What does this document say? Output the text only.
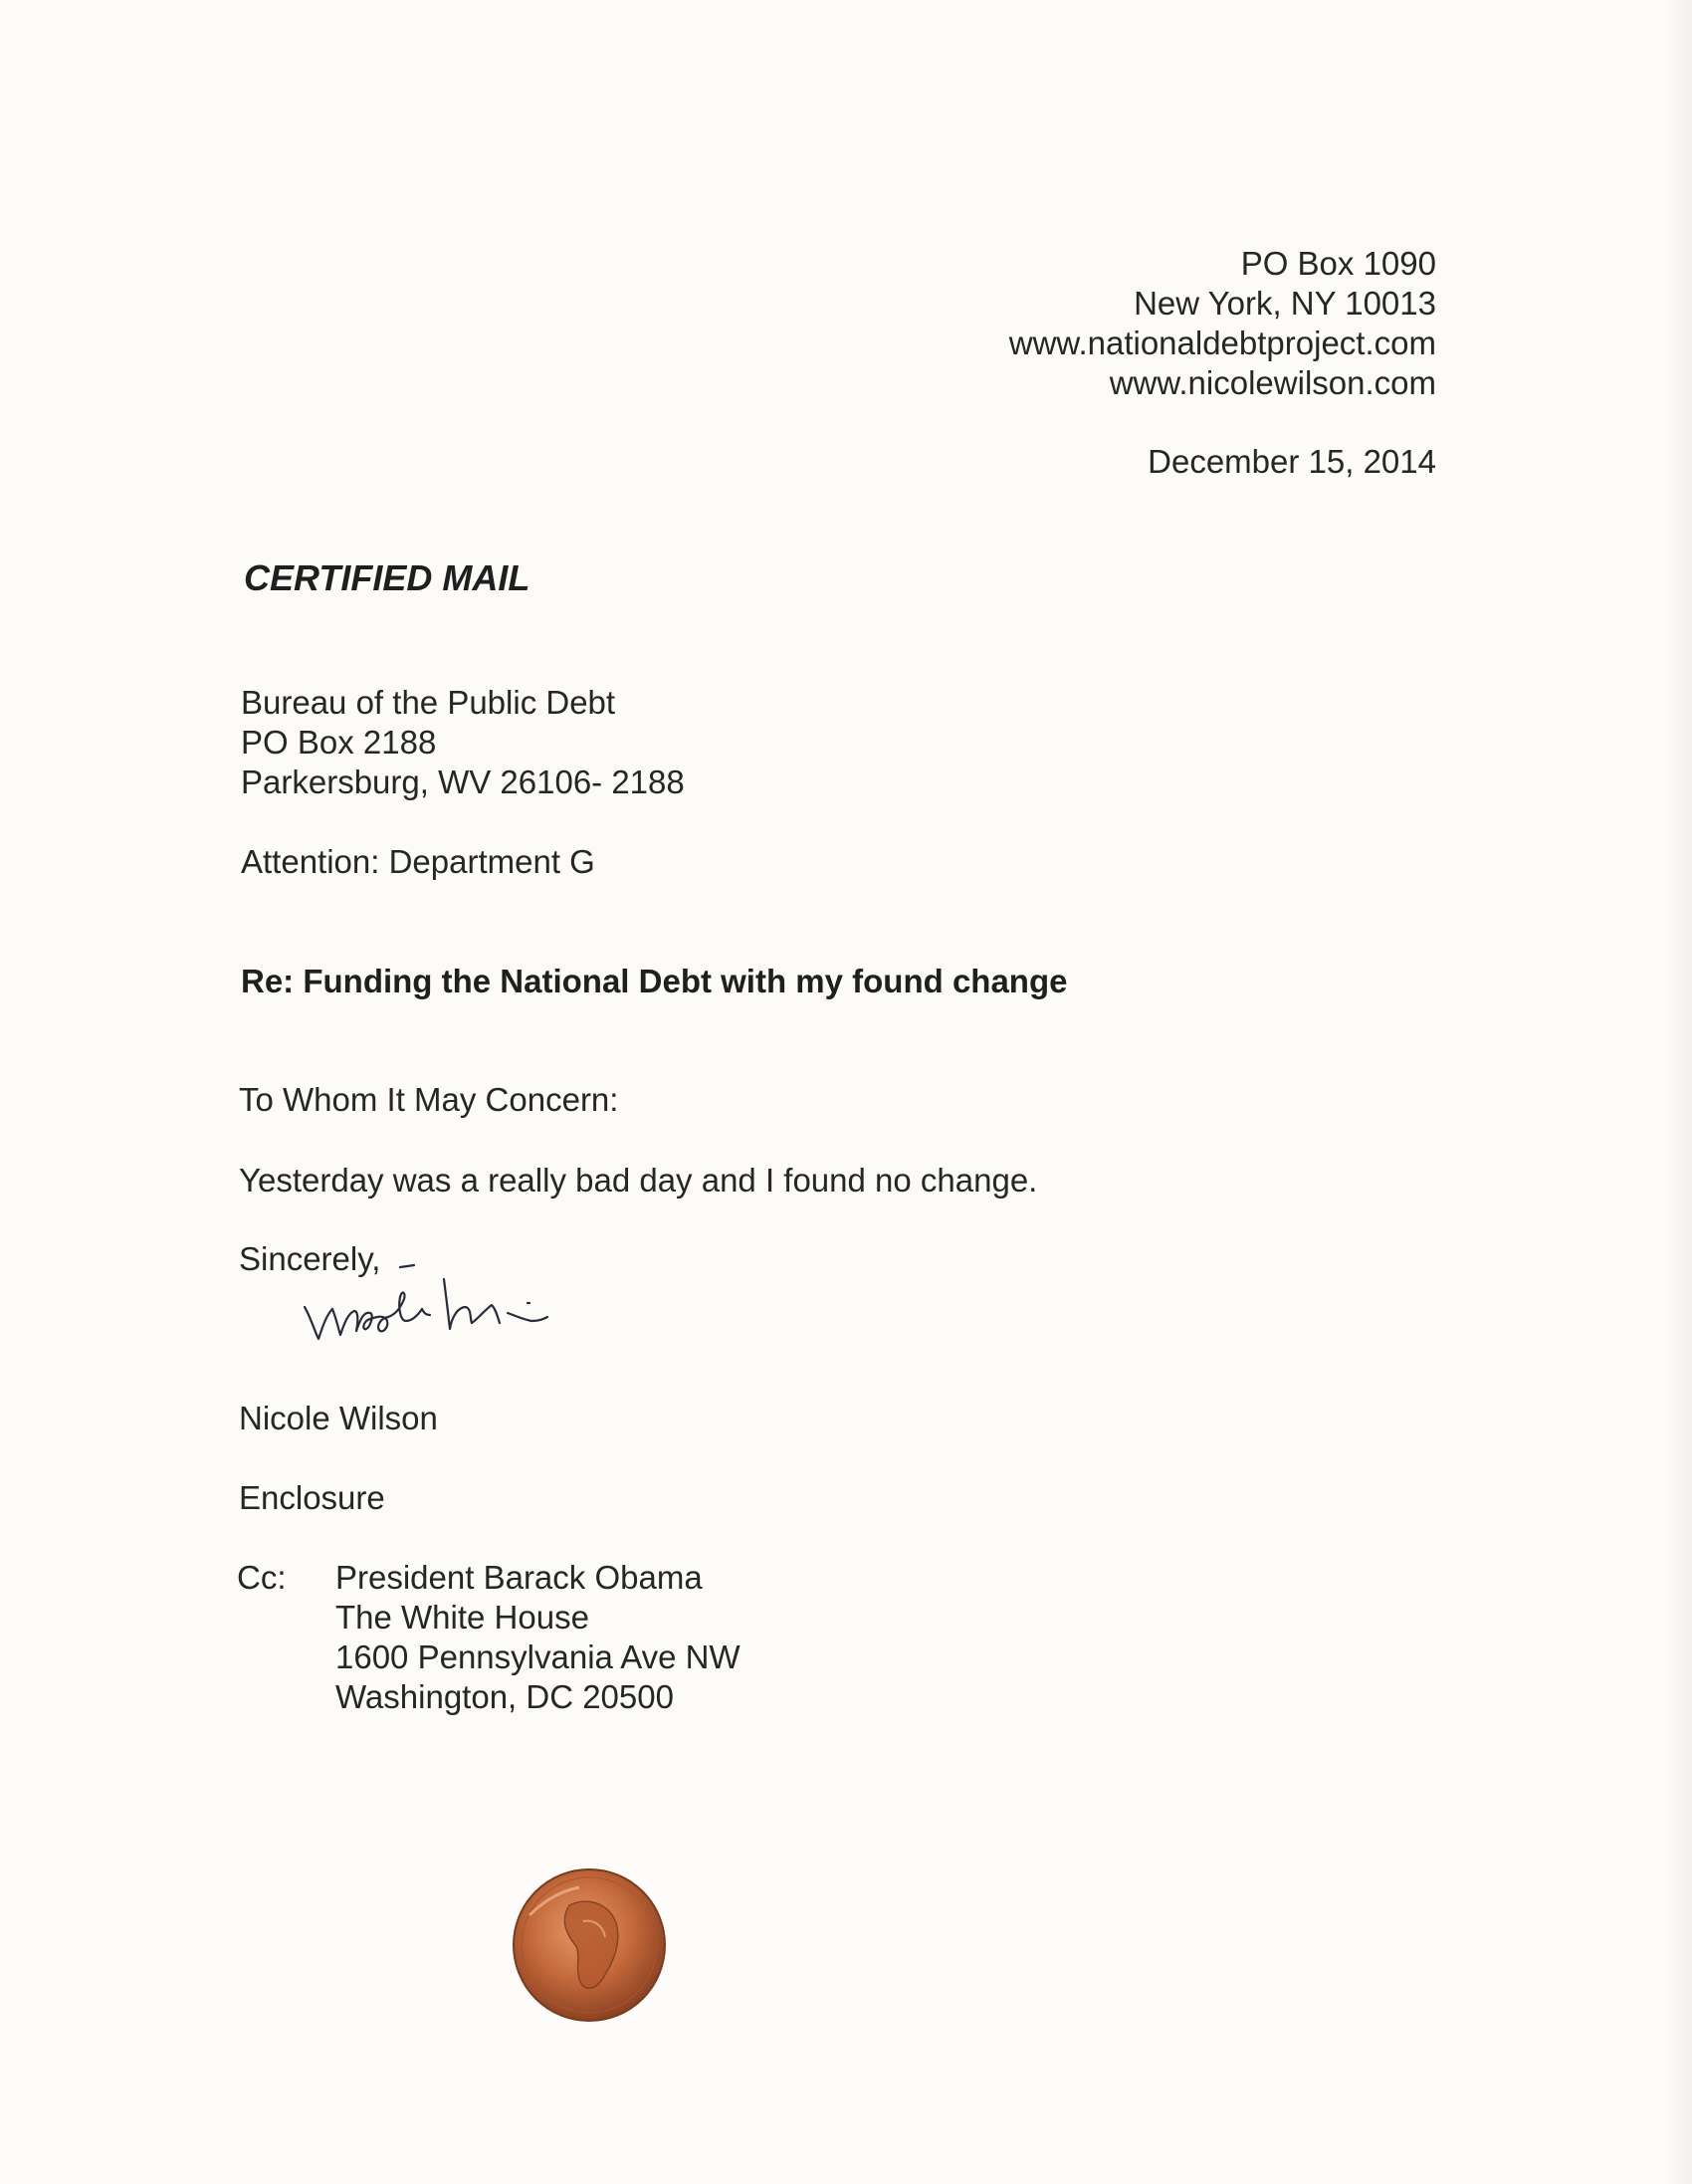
PO Box 1090
New York, NY 10013
www.nationaldebtproject.com
www.nicolewilson.com
December 15, 2014
CERTIFIED MAIL
Bureau of the Public Debt
PO Box 2188
Parkersburg, WV 26106- 2188
Attention: Department G
Re: Funding the National Debt with my found change
To Whom It May Concern:
Yesterday was a really bad day and I found no change.
Sincerely,
Nicole Wilson
Enclosure
Cc: President Barack Obama
The White House
1600 Pennsylvania Ave NW
Washington, DC 20500
